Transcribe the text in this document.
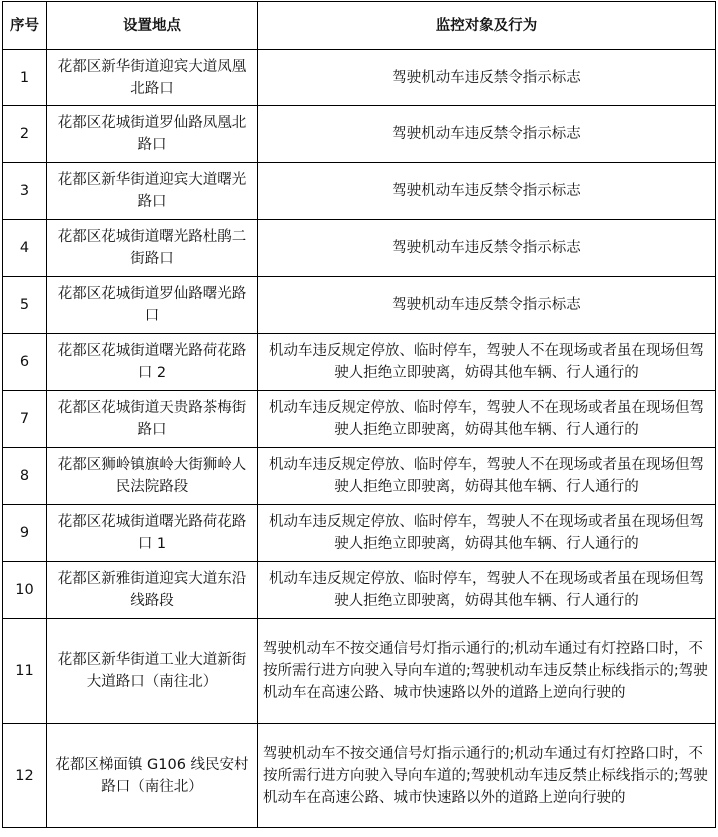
序号	设置地点	监控对象及行为
1	花都区新华街道迎宾大道凤凰北路口	驾驶机动车违反禁令指示标志
2	花都区花城街道罗仙路凤凰北路口	驾驶机动车违反禁令指示标志
3	花都区新华街道迎宾大道曙光路口	驾驶机动车违反禁令指示标志
4	花都区花城街道曙光路杜鹃二街路口	驾驶机动车违反禁令指示标志
5	花都区花城街道罗仙路曙光路口	驾驶机动车违反禁令指示标志
6	花都区花城街道曙光路荷花路口 2	机动车违反规定停放、临时停车，驾驶人不在现场或者虽在现场但驾驶人拒绝立即驶离，妨碍其他车辆、行人通行的
7	花都区花城街道天贵路茶梅街路口	机动车违反规定停放、临时停车，驾驶人不在现场或者虽在现场但驾驶人拒绝立即驶离，妨碍其他车辆、行人通行的
8	花都区狮岭镇旗岭大街狮岭人民法院路段	机动车违反规定停放、临时停车，驾驶人不在现场或者虽在现场但驾驶人拒绝立即驶离，妨碍其他车辆、行人通行的
9	花都区花城街道曙光路荷花路口 1	机动车违反规定停放、临时停车，驾驶人不在现场或者虽在现场但驾驶人拒绝立即驶离，妨碍其他车辆、行人通行的
10	花都区新雅街道迎宾大道东沿线路段	机动车违反规定停放、临时停车，驾驶人不在现场或者虽在现场但驾驶人拒绝立即驶离，妨碍其他车辆、行人通行的
11	花都区新华街道工业大道新街大道路口（南往北）	驾驶机动车不按交通信号灯指示通行的;机动车通过有灯控路口时，不按所需行进方向驶入导向车道的;驾驶机动车违反禁止标线指示的;驾驶机动车在高速公路、城市快速路以外的道路上逆向行驶的
12	花都区梯面镇 G106 线民安村路口（南往北）	驾驶机动车不按交通信号灯指示通行的;机动车通过有灯控路口时，不按所需行进方向驶入导向车道的;驾驶机动车违反禁止标线指示的;驾驶机动车在高速公路、城市快速路以外的道路上逆向行驶的
